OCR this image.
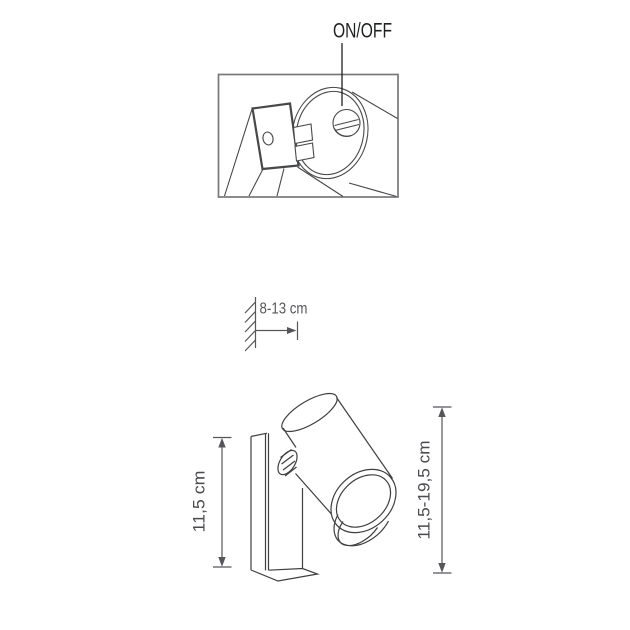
ON/OFF
8-13 cm
11,5 cm	11,5-19,5 cm
